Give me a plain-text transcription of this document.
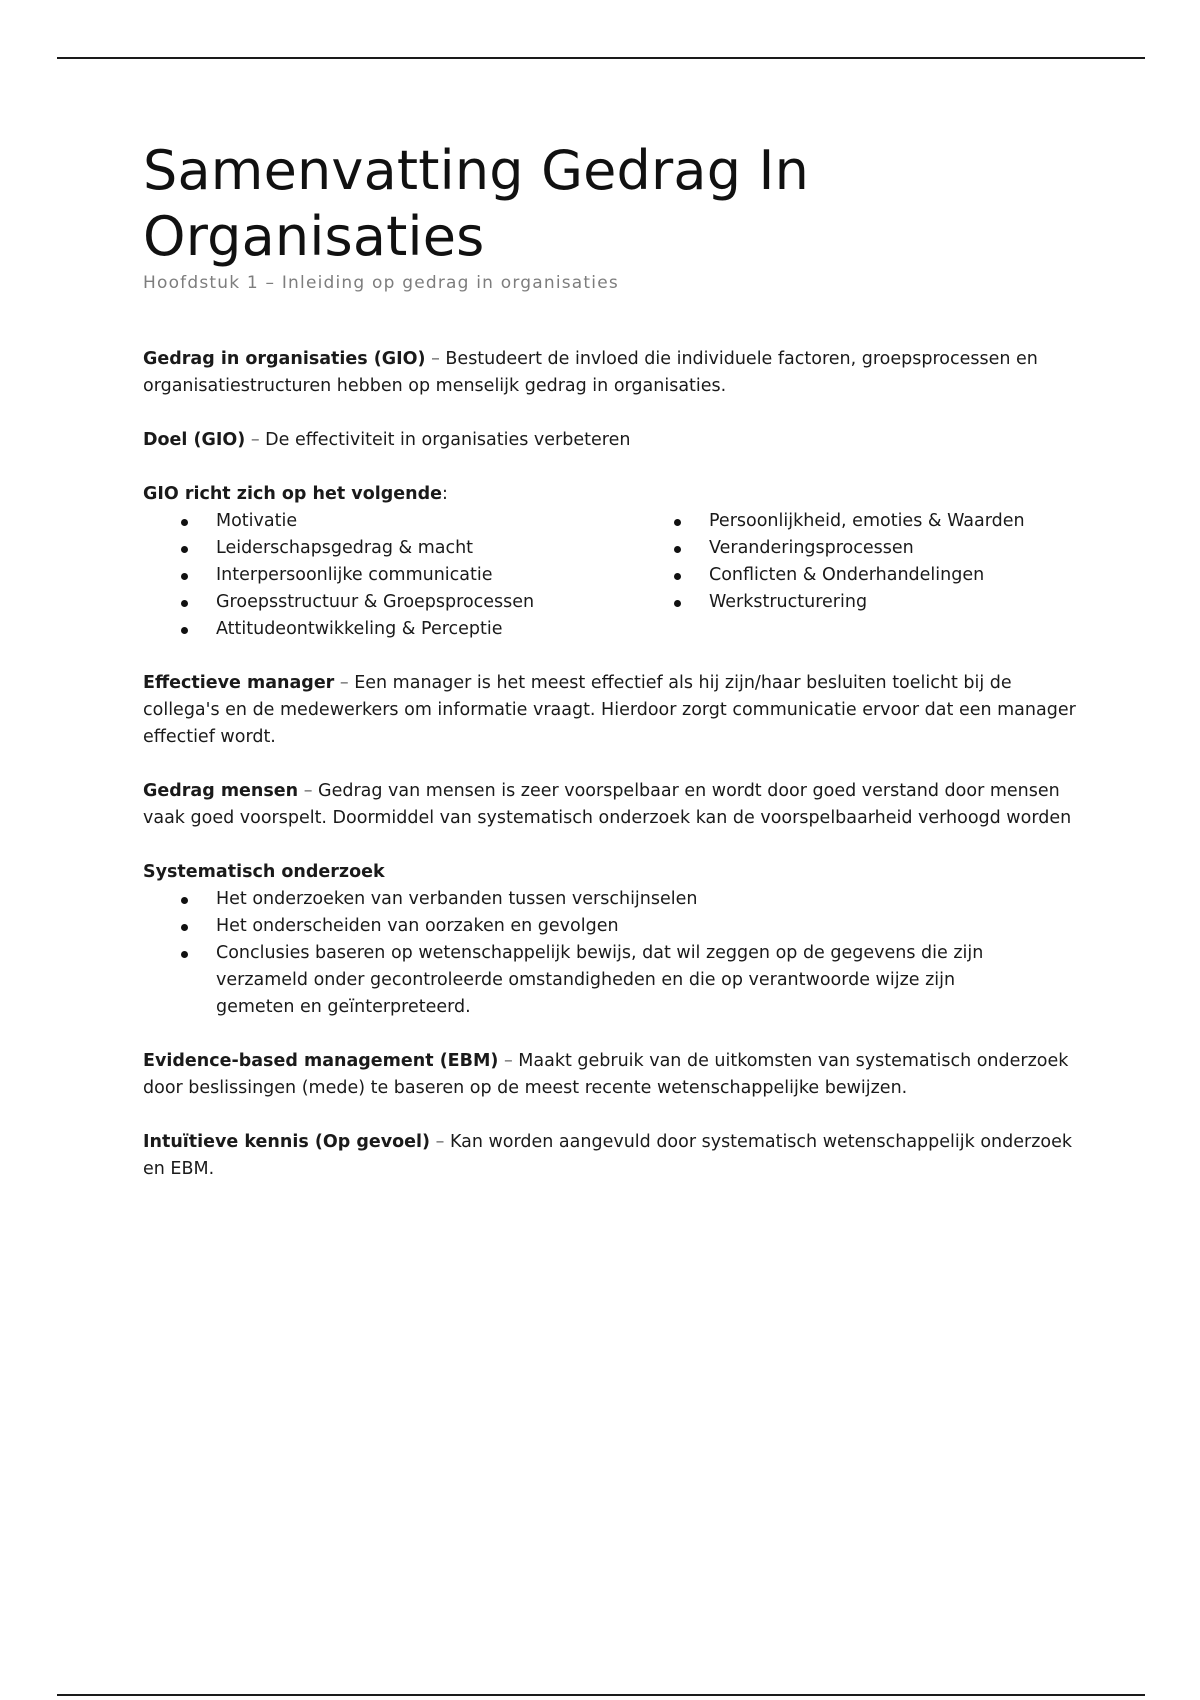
Samenvatting Gedrag In Organisaties
Hoofdstuk 1 – Inleiding op gedrag in organisaties

Gedrag in organisaties (GIO) – Bestudeert de invloed die individuele factoren, groepsprocessen en organisatiestructuren hebben op menselijk gedrag in organisaties.

Doel (GIO) – De effectiviteit in organisaties verbeteren

GIO richt zich op het volgende:

Motivatie
Leiderschapsgedrag & macht
Interpersoonlijke communicatie
Groepsstructuur & Groepsprocessen
Attitudeontwikkeling & Perceptie
Persoonlijkheid, emoties & Waarden
Veranderingsprocessen
Conflicten & Onderhandelingen
Werkstructurering

Effectieve manager – Een manager is het meest effectief als hij zijn/haar besluiten toelicht bij de collega's en de medewerkers om informatie vraagt. Hierdoor zorgt communicatie ervoor dat een manager effectief wordt.

Gedrag mensen – Gedrag van mensen is zeer voorspelbaar en wordt door goed verstand door mensen vaak goed voorspelt. Doormiddel van systematisch onderzoek kan de voorspelbaarheid verhoogd worden

Systematisch onderzoek

Het onderzoeken van verbanden tussen verschijnselen
Het onderscheiden van oorzaken en gevolgen
Conclusies baseren op wetenschappelijk bewijs, dat wil zeggen op de gegevens die zijn verzameld onder gecontroleerde omstandigheden en die op verantwoorde wijze zijn gemeten en geïnterpreteerd.

Evidence-based management (EBM) – Maakt gebruik van de uitkomsten van systematisch onderzoek door beslissingen (mede) te baseren op de meest recente wetenschappelijke bewijzen.

Intuïtieve kennis (Op gevoel) – Kan worden aangevuld door systematisch wetenschappelijk onderzoek en EBM.
